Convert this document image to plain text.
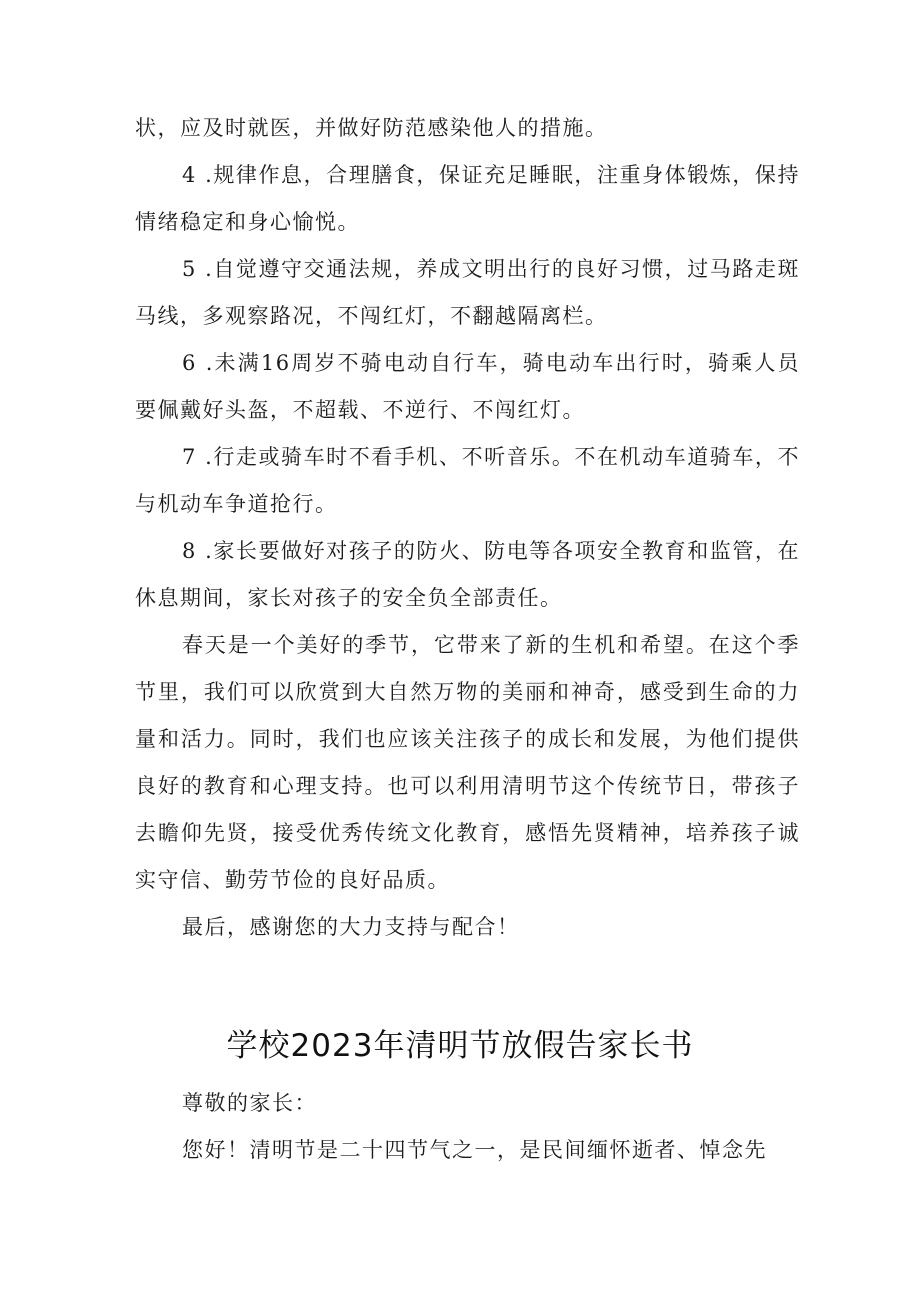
状，应及时就医，并做好防范感染他人的措施。

4 .规律作息，合理膳食，保证充足睡眠，注重身体锻炼，保持情绪稳定和身心愉悦。

5 .自觉遵守交通法规，养成文明出行的良好习惯，过马路走斑马线，多观察路况，不闯红灯，不翻越隔离栏。

6 .未满16周岁不骑电动自行车，骑电动车出行时，骑乘人员要佩戴好头盔，不超载、不逆行、不闯红灯。

7 .行走或骑车时不看手机、不听音乐。不在机动车道骑车，不与机动车争道抢行。

8 .家长要做好对孩子的防火、防电等各项安全教育和监管，在休息期间，家长对孩子的安全负全部责任。

春天是一个美好的季节，它带来了新的生机和希望。在这个季节里，我们可以欣赏到大自然万物的美丽和神奇，感受到生命的力量和活力。同时，我们也应该关注孩子的成长和发展，为他们提供良好的教育和心理支持。也可以利用清明节这个传统节日，带孩子去瞻仰先贤，接受优秀传统文化教育，感悟先贤精神，培养孩子诚实守信、勤劳节俭的良好品质。

最后，感谢您的大力支持与配合！

学校2023年清明节放假告家长书

尊敬的家长：

您好！清明节是二十四节气之一，是民间缅怀逝者、悼念先
